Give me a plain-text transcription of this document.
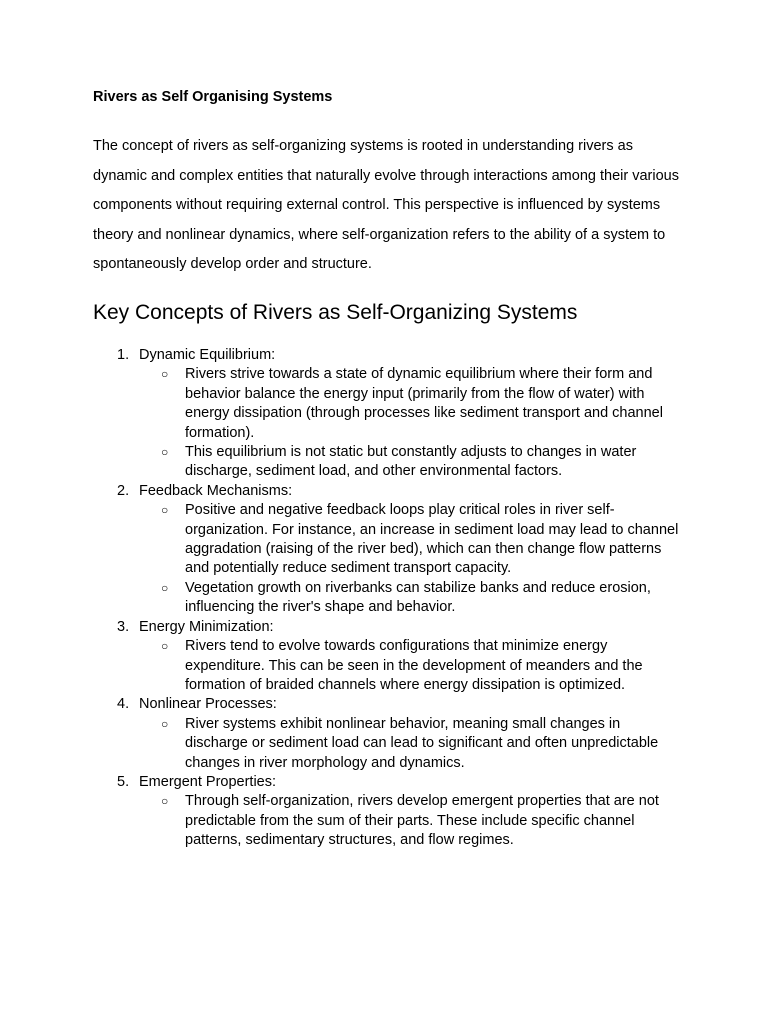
Rivers as Self Organising Systems

The concept of rivers as self-organizing systems is rooted in understanding rivers as dynamic and complex entities that naturally evolve through interactions among their various components without requiring external control. This perspective is influenced by systems theory and nonlinear dynamics, where self-organization refers to the ability of a system to spontaneously develop order and structure.

Key Concepts of Rivers as Self-Organizing Systems
1. Dynamic Equilibrium:
○ Rivers strive towards a state of dynamic equilibrium where their form and behavior balance the energy input (primarily from the flow of water) with energy dissipation (through processes like sediment transport and channel formation).
○ This equilibrium is not static but constantly adjusts to changes in water discharge, sediment load, and other environmental factors.
2. Feedback Mechanisms:
○ Positive and negative feedback loops play critical roles in river self-organization. For instance, an increase in sediment load may lead to channel aggradation (raising of the river bed), which can then change flow patterns and potentially reduce sediment transport capacity.
○ Vegetation growth on riverbanks can stabilize banks and reduce erosion, influencing the river's shape and behavior.
3. Energy Minimization:
○ Rivers tend to evolve towards configurations that minimize energy expenditure. This can be seen in the development of meanders and the formation of braided channels where energy dissipation is optimized.
4. Nonlinear Processes:
○ River systems exhibit nonlinear behavior, meaning small changes in discharge or sediment load can lead to significant and often unpredictable changes in river morphology and dynamics.
5. Emergent Properties:
○ Through self-organization, rivers develop emergent properties that are not predictable from the sum of their parts. These include specific channel patterns, sedimentary structures, and flow regimes.
